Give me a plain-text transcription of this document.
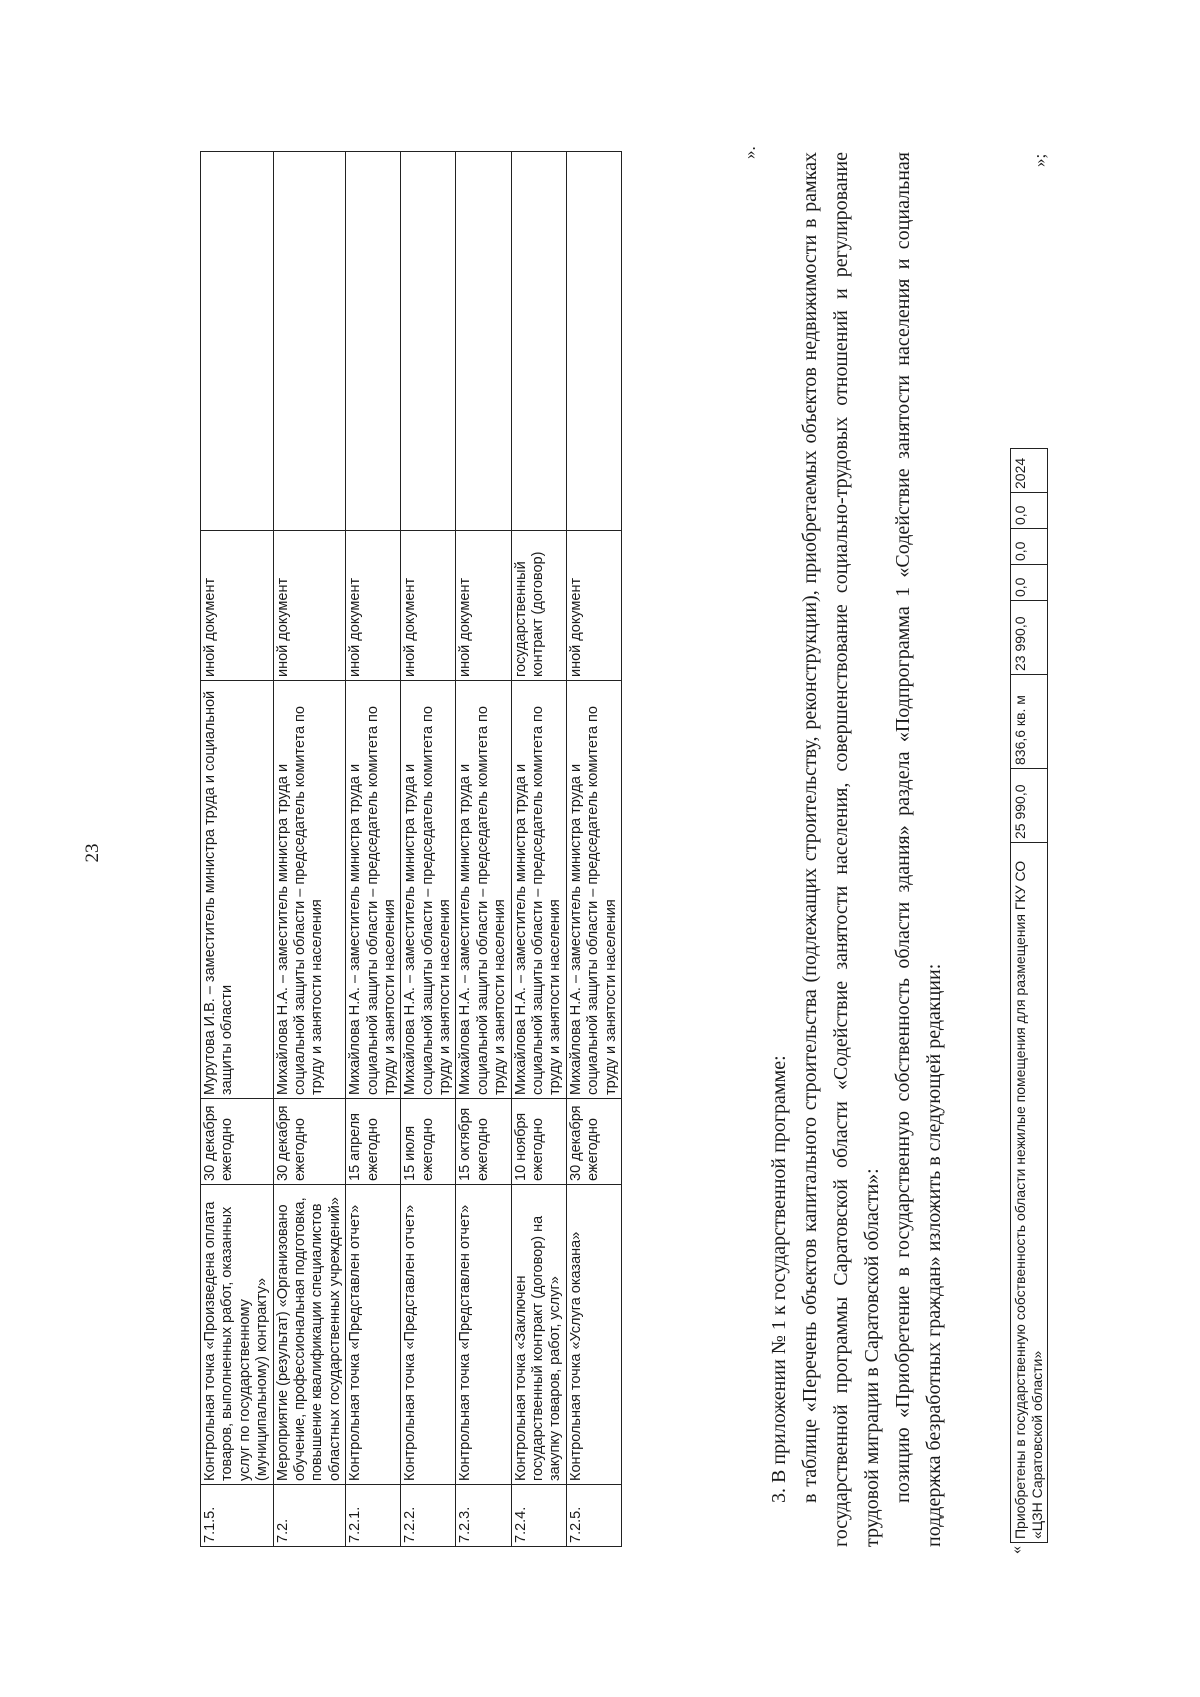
23
7.1.5.	Контрольная точка «Произведена оплата товаров, выполненных работ, оказанных услуг по государственному (муниципальному) контракту»	30 декабря ежегодно	Мурутова И.В. – заместитель министра труда и социальной защиты области	иной документ	
7.2.	Мероприятие (результат) «Организовано обучение, профессиональная подготовка, повышение квалификации специалистов областных государственных учреждений»	30 декабря ежегодно	Михайлова Н.А. – заместитель министра труда и социальной защиты области – председатель комитета по труду и занятости населения	иной документ	
7.2.1.	Контрольная точка «Представлен отчет»	15 апреля ежегодно	Михайлова Н.А. – заместитель министра труда и социальной защиты области – председатель комитета по труду и занятости населения	иной документ	
7.2.2.	Контрольная точка «Представлен отчет»	15 июля ежегодно	Михайлова Н.А. – заместитель министра труда и социальной защиты области – председатель комитета по труду и занятости населения	иной документ	
7.2.3.	Контрольная точка «Представлен отчет»	15 октября ежегодно	Михайлова Н.А. – заместитель министра труда и социальной защиты области – председатель комитета по труду и занятости населения	иной документ	
7.2.4.	Контрольная точка «Заключен государственный контракт (договор) на закупку товаров, работ, услуг»	10 ноября ежегодно	Михайлова Н.А. – заместитель министра труда и социальной защиты области – председатель комитета по труду и занятости населения	государственный контракт (договор)	
7.2.5.	Контрольная точка «Услуга оказана»	30 декабря ежегодно	Михайлова Н.А. – заместитель министра труда и социальной защиты области – председатель комитета по труду и занятости населения	иной документ	
».

3. В приложении № 1 к государственной программе: в таблице «Перечень объектов капитального строительства (подлежащих строительству, реконструкции), приобретаемых объектов недвижимости в рамках государственной программы Саратовской области «Содействие занятости населения, совершенствование социально-трудовых отношений и регулирование трудовой миграции в Саратовской области»: позицию «Приобретение в государственную собственность области здания» раздела «Подпрограмма 1 «Содействие занятости населения и социальная поддержка безработных граждан» изложить в следующей редакции:

«
Приобретены в государственную собственность области нежилые помещения для размещения ГКУ СО «ЦЗН Саратовской области»	25 990,0	836,6 кв. м	23 990,0	0,0	0,0	0,0	2024
»;
